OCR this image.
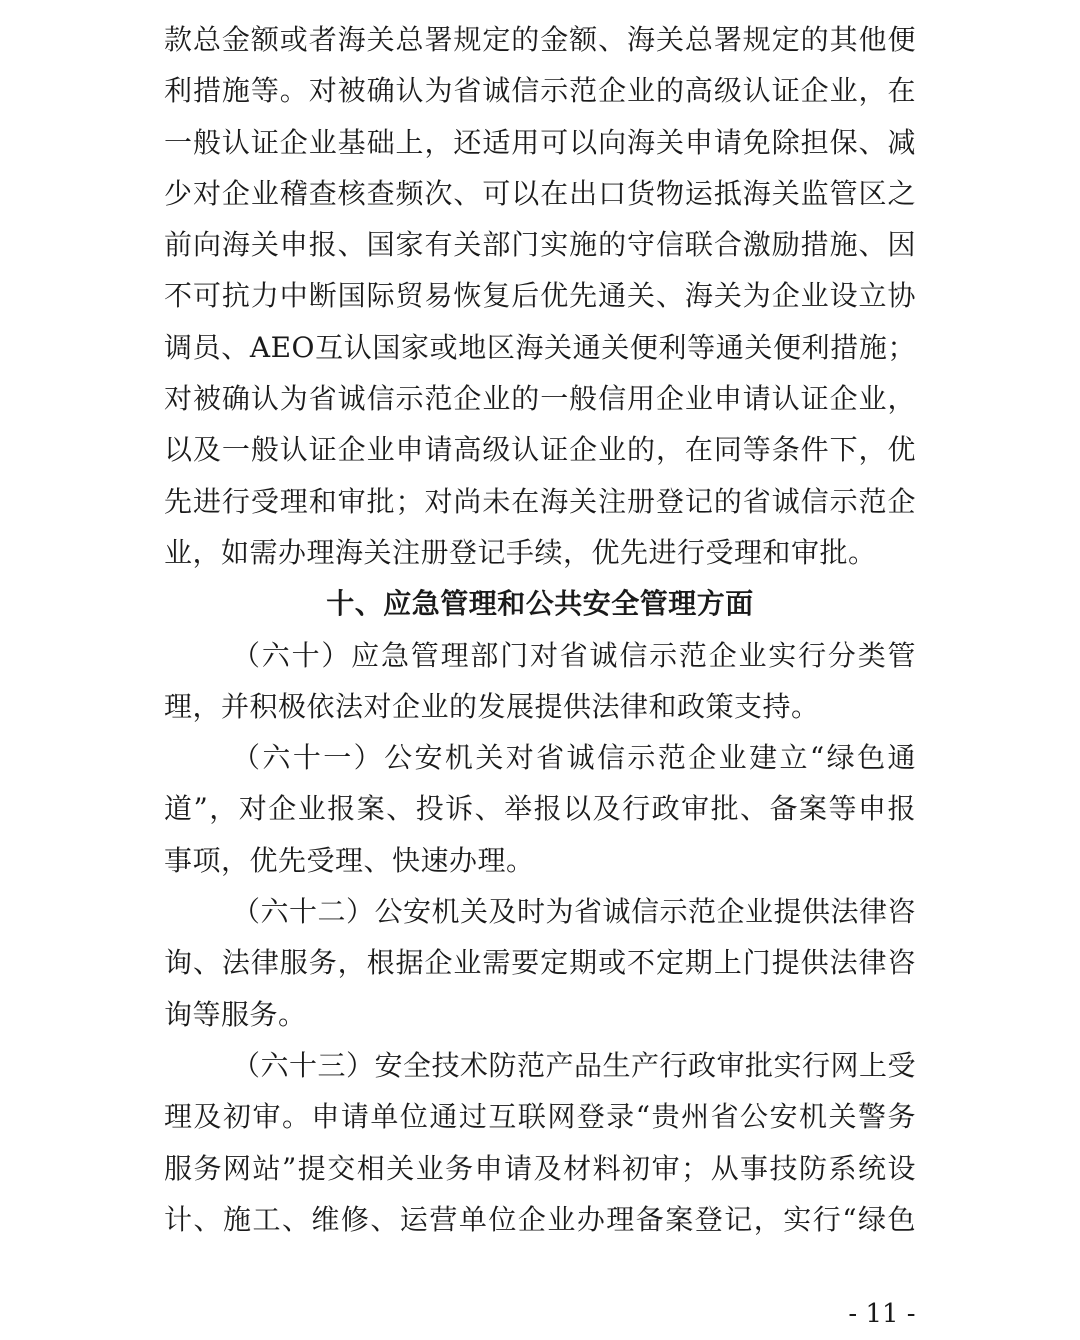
款总金额或者海关总署规定的金额、海关总署规定的其他便
利措施等。对被确认为省诚信示范企业的高级认证企业，在
一般认证企业基础上，还适用可以向海关申请免除担保、减
少对企业稽查核查频次、可以在出口货物运抵海关监管区之
前向海关申报、国家有关部门实施的守信联合激励措施、因
不可抗力中断国际贸易恢复后优先通关、海关为企业设立协
调员、AEO互认国家或地区海关通关便利等通关便利措施；
对被确认为省诚信示范企业的一般信用企业申请认证企业，
以及一般认证企业申请高级认证企业的，在同等条件下，优
先进行受理和审批；对尚未在海关注册登记的省诚信示范企
业，如需办理海关注册登记手续，优先进行受理和审批。
十、应急管理和公共安全管理方面
（六十）应急管理部门对省诚信示范企业实行分类管
理，并积极依法对企业的发展提供法律和政策支持。
（六十一）公安机关对省诚信示范企业建立“绿色通
道”，对企业报案、投诉、举报以及行政审批、备案等申报
事项，优先受理、快速办理。
（六十二）公安机关及时为省诚信示范企业提供法律咨
询、法律服务，根据企业需要定期或不定期上门提供法律咨
询等服务。
（六十三）安全技术防范产品生产行政审批实行网上受
理及初审。申请单位通过互联网登录“贵州省公安机关警务
服务网站”提交相关业务申请及材料初审；从事技防系统设
计、施工、维修、运营单位企业办理备案登记，实行“绿色
- 11 -
